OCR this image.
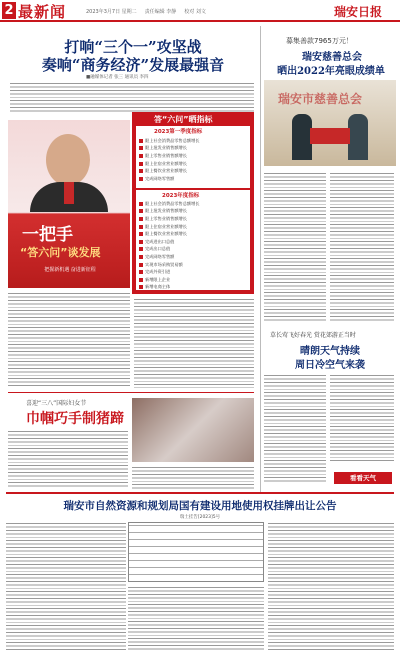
2 最新闻	2023年3月7日 星期二 责任编辑 李静 校对 刘文	瑞安日报
打响“三个一”攻坚战
奏响“商务经济”发展最强音
■融媒体记者 张三 通讯员 李四
一把手
“答六问”谈发展
把握新机遇 奋进新征程
答“六问”晒指标
2023第一季度指标
限上社会消费品零售总额增长
限上批发业销售额增长
限上零售业销售额增长
限上住宿业营业额增长
限上餐饮业营业额增长
完成网络零售额
2023年度指标
限上社会消费品零售总额增长
限上批发业销售额增长
限上零售业销售额增长
限上住宿业营业额增长
限上餐饮业营业额增长
完成进出口总值
完成出口总值
完成网络零售额
实现市场采购贸易额
完成外资引进
新增限上企业
新增电商主体
喜迎“三八”国际妇女节
巾帼巧手制猪蹄
募集善款7965万元！
瑞安慈善总会
晒出2022年亮眼成绩单
瑞安市慈善总会
草长莺飞好春光 赏花郊游正当时
晴朗天气持续
周日冷空气来袭
看看天气
瑞安市自然资源和规划局国有建设用地使用权挂牌出让公告
瑞土挂告[2023]5号
